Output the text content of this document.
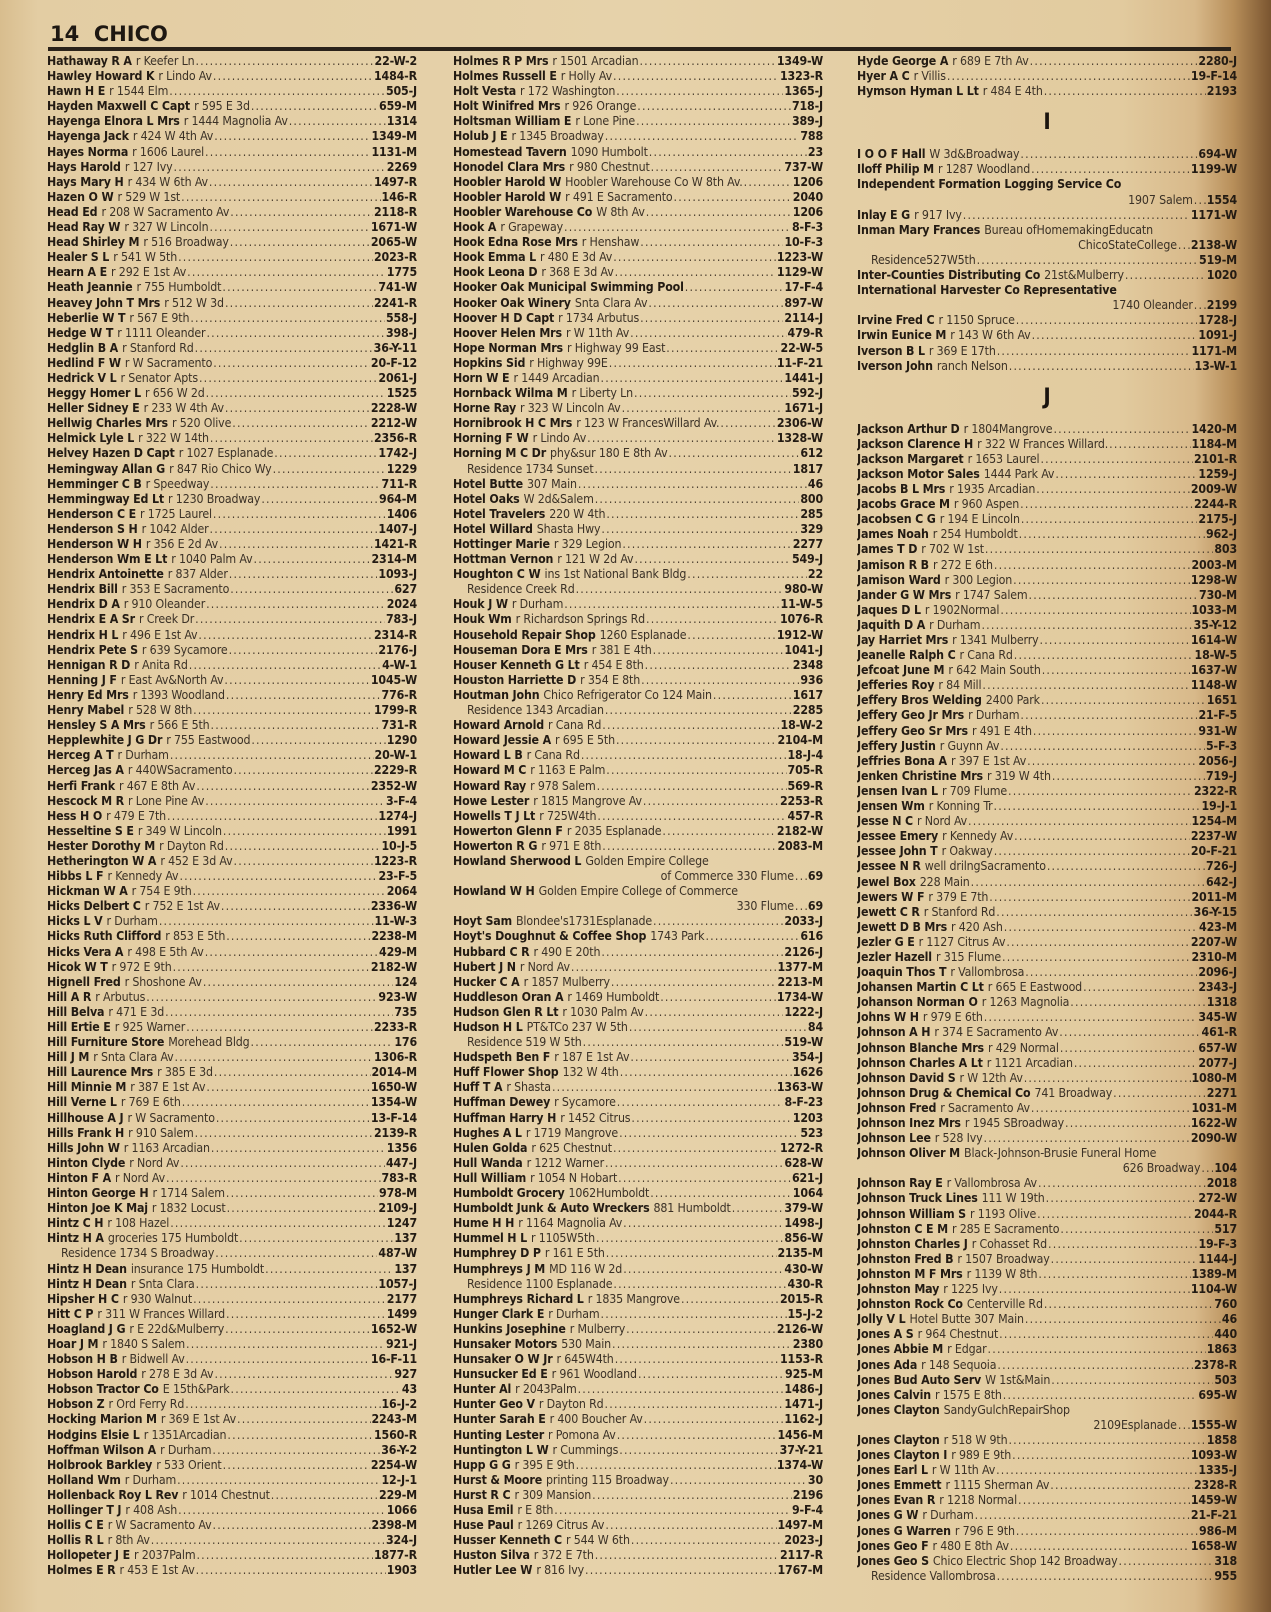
14 CHICO
Hathaway R A r Keefer Ln .....	22-W-2
Hawley Howard K r Lindo Av .....	1484-R
Hawn H E r 1544 Elm .....	505-J
Hayden Maxwell C Capt r 595 E 3d .....	659-M
Hayenga Elnora L Mrs r 1444 Magnolia Av .....	1314
Hayenga Jack r 424 W 4th Av .....	1349-M
Hayes Norma r 1606 Laurel .....	1131-M
Hays Harold r 127 Ivy .....	2269
Hays Mary H r 434 W 6th Av .....	1497-R
Hazen O W r 529 W 1st .....	146-R
Head Ed r 208 W Sacramento Av .....	2118-R
Head Ray W r 327 W Lincoln .....	1671-W
Head Shirley M r 516 Broadway .....	2065-W
Healer S L r 541 W 5th .....	2023-R
Hearn A E r 292 E 1st Av .....	1775
Heath Jeannie r 755 Humboldt .....	741-W
Heavey John T Mrs r 512 W 3d .....	2241-R
Heberlie W T r 567 E 9th .....	558-J
Hedge W T r 1111 Oleander .....	398-J
Hedglin B A r Stanford Rd .....	36-Y-11
Hedlind F W r W Sacramento .....	20-F-12
Hedrick V L r Senator Apts .....	2061-J
Heggy Homer L r 656 W 2d .....	1525
Heller Sidney E r 233 W 4th Av .....	2228-W
Hellwig Charles Mrs r 520 Olive .....	2212-W
Helmick Lyle L r 322 W 14th .....	2356-R
Helvey Hazen D Capt r 1027 Esplanade .....	1742-J
Hemingway Allan G r 847 Rio Chico Wy .....	1229
Hemminger C B r Speedway .....	711-R
Hemmingway Ed Lt r 1230 Broadway .....	964-M
Henderson C E r 1725 Laurel .....	1406
Henderson S H r 1042 Alder .....	1407-J
Henderson W H r 356 E 2d Av .....	1421-R
Henderson Wm E Lt r 1040 Palm Av .....	2314-M
Hendrix Antoinette r 837 Alder .....	1093-J
Hendrix Bill r 353 E Sacramento .....	627
Hendrix D A r 910 Oleander .....	2024
Hendrix E A Sr r Creek Dr .....	783-J
Hendrix H L r 496 E 1st Av .....	2314-R
Hendrix Pete S r 639 Sycamore .....	2176-J
Hennigan R D r Anita Rd .....	4-W-1
Henning J F r East Av&North Av .....	1045-W
Henry Ed Mrs r 1393 Woodland .....	776-R
Henry Mabel r 528 W 8th .....	1799-R
Hensley S A Mrs r 566 E 5th .....	731-R
Hepplewhite J G Dr r 755 Eastwood .....	1290
Herceg A T r Durham .....	20-W-1
Herceg Jas A r 440WSacramento .....	2229-R
Herfi Frank r 467 E 8th Av .....	2352-W
Hescock M R r Lone Pine Av .....	3-F-4
Hess H O r 479 E 7th .....	1274-J
Hesseltine S E r 349 W Lincoln .....	1991
Hester Dorothy M r Dayton Rd .....	10-J-5
Hetherington W A r 452 E 3d Av .....	1223-R
Hibbs L F r Kennedy Av .....	23-F-5
Hickman W A r 754 E 9th .....	2064
Hicks Delbert C r 752 E 1st Av .....	2336-W
Hicks L V r Durham .....	11-W-3
Hicks Ruth Clifford r 853 E 5th .....	2238-M
Hicks Vera A r 498 E 5th Av .....	429-M
Hicok W T r 972 E 9th .....	2182-W
Hignell Fred r Shoshone Av .....	124
Hill A R r Arbutus .....	923-W
Hill Belva r 471 E 3d .....	735
Hill Ertie E r 925 Warner .....	2233-R
Hill Furniture Store Morehead Bldg .....	176
Hill J M r Snta Clara Av .....	1306-R
Hill Laurence Mrs r 385 E 3d .....	2014-M
Hill Minnie M r 387 E 1st Av .....	1650-W
Hill Verne L r 769 E 6th .....	1354-W
Hillhouse A J r W Sacramento .....	13-F-14
Hills Frank H r 910 Salem .....	2139-R
Hills John W r 1163 Arcadian .....	1356
Hinton Clyde r Nord Av .....	447-J
Hinton F A r Nord Av .....	783-R
Hinton George H r 1714 Salem .....	978-M
Hinton Joe K Maj r 1832 Locust .....	2109-J
Hintz C H r 108 Hazel .....	1247
Hintz H A groceries 175 Humboldt .....	137
Residence 1734 S Broadway .....	487-W
Hintz H Dean insurance 175 Humboldt .....	137
Hintz H Dean r Snta Clara .....	1057-J
Hipsher H C r 930 Walnut .....	2177
Hitt C P r 311 W Frances Willard .....	1499
Hoagland J G r E 22d&Mulberry .....	1652-W
Hoar J M r 1840 S Salem .....	921-J
Hobson H B r Bidwell Av .....	16-F-11
Hobson Harold r 278 E 3d Av .....	927
Hobson Tractor Co E 15th&Park .....	43
Hobson Z r Ord Ferry Rd .....	16-J-2
Hocking Marion M r 369 E 1st Av .....	2243-M
Hodgins Elsie L r 1351Arcadian .....	1560-R
Hoffman Wilson A r Durham .....	36-Y-2
Holbrook Barkley r 533 Orient .....	2254-W
Holland Wm r Durham .....	12-J-1
Hollenback Roy L Rev r 1014 Chestnut .....	229-M
Hollinger T J r 408 Ash .....	1066
Hollis C E r W Sacramento Av .....	2398-M
Hollis R L r 8th Av .....	324-J
Hollopeter J E r 2037Palm .....	1877-R
Holmes E R r 453 E 1st Av .....	1903
Holmes R P Mrs r 1501 Arcadian .....	1349-W
Holmes Russell E r Holly Av .....	1323-R
Holt Vesta r 172 Washington .....	1365-J
Holt Winifred Mrs r 926 Orange .....	718-J
Holtsman William E r Lone Pine .....	389-J
Holub J E r 1345 Broadway .....	788
Homestead Tavern 1090 Humbolt .....	23
Honodel Clara Mrs r 980 Chestnut .....	737-W
Hoobler Harold W Hoobler Warehouse Co W 8th Av. .....	1206
Hoobler Harold W r 491 E Sacramento .....	2040
Hoobler Warehouse Co W 8th Av .....	1206
Hook A r Grapeway .....	8-F-3
Hook Edna Rose Mrs r Henshaw .....	10-F-3
Hook Emma L r 480 E 3d Av .....	1223-W
Hook Leona D r 368 E 3d Av .....	1129-W
Hooker Oak Municipal Swimming Pool .....	17-F-4
Hooker Oak Winery Snta Clara Av .....	897-W
Hoover H D Capt r 1734 Arbutus .....	2114-J
Hoover Helen Mrs r W 11th Av .....	479-R
Hope Norman Mrs r Highway 99 East .....	22-W-5
Hopkins Sid r Highway 99E .....	11-F-21
Horn W E r 1449 Arcadian .....	1441-J
Hornback Wilma M r Liberty Ln .....	592-J
Horne Ray r 323 W Lincoln Av .....	1671-J
Hornibrook H C Mrs r 123 W FrancesWillard Av. .....	2306-W
Horning F W r Lindo Av .....	1328-W
Horning M C Dr phy&sur 180 E 8th Av .....	612
Residence 1734 Sunset .....	1817
Hotel Butte 307 Main .....	46
Hotel Oaks W 2d&Salem .....	800
Hotel Travelers 220 W 4th .....	285
Hotel Willard Shasta Hwy .....	329
Hottinger Marie r 329 Legion .....	2277
Hottman Vernon r 121 W 2d Av .....	549-J
Houghton C W ins 1st National Bank Bldg .....	22
Residence Creek Rd .....	980-W
Houk J W r Durham .....	11-W-5
Houk Wm r Richardson Springs Rd .....	1076-R
Household Repair Shop 1260 Esplanade .....	1912-W
Houseman Dora E Mrs r 381 E 4th .....	1041-J
Houser Kenneth G Lt r 454 E 8th .....	2348
Houston Harriette D r 354 E 8th .....	936
Houtman John Chico Refrigerator Co 124 Main .....	1617
Residence 1343 Arcadian .....	2285
Howard Arnold r Cana Rd .....	18-W-2
Howard Jessie A r 695 E 5th .....	2104-M
Howard L B r Cana Rd .....	18-J-4
Howard M C r 1163 E Palm .....	705-R
Howard Ray r 978 Salem .....	569-R
Howe Lester r 1815 Mangrove Av .....	2253-R
Howells T J Lt r 725W4th .....	457-R
Howerton Glenn F r 2035 Esplanade .....	2182-W
Howerton R G r 971 E 8th .....	2083-M
Howland Sherwood L Golden Empire College
of Commerce 330 Flume ..... 69
Howland W H Golden Empire College of Commerce
330 Flume ..... 69
Hoyt Sam Blondee's1731Esplanade .....	2033-J
Hoyt's Doughnut & Coffee Shop 1743 Park .....	616
Hubbard C R r 490 E 20th .....	2126-J
Hubert J N r Nord Av .....	1377-M
Hucker C A r 1857 Mulberry .....	2213-M
Huddleson Oran A r 1469 Humboldt .....	1734-W
Hudson Glen R Lt r 1030 Palm Av .....	1222-J
Hudson H L PT&TCo 237 W 5th .....	84
Residence 519 W 5th .....	519-W
Hudspeth Ben F r 187 E 1st Av .....	354-J
Huff Flower Shop 132 W 4th .....	1626
Huff T A r Shasta .....	1363-W
Huffman Dewey r Sycamore .....	8-F-23
Huffman Harry H r 1452 Citrus .....	1203
Hughes A L r 1719 Mangrove .....	523
Hulen Golda r 625 Chestnut .....	1272-R
Hull Wanda r 1212 Warner .....	628-W
Hull William r 1054 N Hobart .....	621-J
Humboldt Grocery 1062Humboldt .....	1064
Humboldt Junk & Auto Wreckers 881 Humboldt .....	379-W
Hume H H r 1164 Magnolia Av .....	1498-J
Hummel H L r 1105W5th .....	856-W
Humphrey D P r 161 E 5th .....	2135-M
Humphreys J M MD 116 W 2d .....	430-W
Residence 1100 Esplanade .....	430-R
Humphreys Richard L r 1835 Mangrove .....	2015-R
Hunger Clark E r Durham .....	15-J-2
Hunkins Josephine r Mulberry .....	2126-W
Hunsaker Motors 530 Main .....	2380
Hunsaker O W Jr r 645W4th .....	1153-R
Hunsucker Ed E r 961 Woodland .....	925-M
Hunter Al r 2043Palm .....	1486-J
Hunter Geo V r Dayton Rd .....	1471-J
Hunter Sarah E r 400 Boucher Av .....	1162-J
Hunting Lester r Pomona Av .....	1456-M
Huntington L W r Cummings .....	37-Y-21
Hupp G G r 395 E 9th .....	1374-W
Hurst & Moore printing 115 Broadway .....	30
Hurst R C r 309 Mansion .....	2196
Husa Emil r E 8th .....	9-F-4
Huse Paul r 1269 Citrus Av .....	1497-M
Husser Kenneth C r 544 W 6th .....	2023-J
Huston Silva r 372 E 7th .....	2117-R
Hutler Lee W r 816 Ivy .....	1767-M
Hyde George A r 689 E 7th Av .....	2280-J
Hyer A C r Villis .....	19-F-14
Hymson Hyman L Lt r 484 E 4th .....	2193
I
I O O F Hall W 3d&Broadway .....	694-W
Iloff Philip M r 1287 Woodland .....	1199-W
Independent Formation Logging Service Co
1907 Salem ..... 1554
Inlay E G r 917 Ivy .....	1171-W
Inman Mary Frances Bureau ofHomemakingEducatn
ChicoStateCollege ..... 2138-W
Residence527W5th .....	519-M
Inter-Counties Distributing Co 21st&Mulberry .....	1020
International Harvester Co Representative
1740 Oleander ..... 2199
Irvine Fred C r 1150 Spruce .....	1728-J
Irwin Eunice M r 143 W 6th Av .....	1091-J
Iverson B L r 369 E 17th .....	1171-M
Iverson John ranch Nelson .....	13-W-1
J
Jackson Arthur D r 1804Mangrove .....	1420-M
Jackson Clarence H r 322 W Frances Willard. .....	1184-M
Jackson Margaret r 1653 Laurel .....	2101-R
Jackson Motor Sales 1444 Park Av .....	1259-J
Jacobs B L Mrs r 1935 Arcadian .....	2009-W
Jacobs Grace M r 960 Aspen .....	2244-R
Jacobsen C G r 194 E Lincoln .....	2175-J
James Noah r 254 Humboldt .....	962-J
James T D r 702 W 1st .....	803
Jamison R B r 272 E 6th .....	2003-M
Jamison Ward r 300 Legion .....	1298-W
Jander G W Mrs r 1747 Salem .....	730-M
Jaques D L r 1902Normal .....	1033-M
Jaquith D A r Durham .....	35-Y-12
Jay Harriet Mrs r 1341 Mulberry .....	1614-W
Jeanelle Ralph C r Cana Rd .....	18-W-5
Jefcoat June M r 642 Main South .....	1637-W
Jefferies Roy r 84 Mill .....	1148-W
Jeffery Bros Welding 2400 Park .....	1651
Jeffery Geo Jr Mrs r Durham .....	21-F-5
Jeffery Geo Sr Mrs r 491 E 4th .....	931-W
Jeffery Justin r Guynn Av .....	5-F-3
Jeffries Bona A r 397 E 1st Av .....	2056-J
Jenken Christine Mrs r 319 W 4th .....	719-J
Jensen Ivan L r 709 Flume .....	2322-R
Jensen Wm r Konning Tr .....	19-J-1
Jesse N C r Nord Av .....	1254-M
Jessee Emery r Kennedy Av .....	2237-W
Jessee John T r Oakway .....	20-F-21
Jessee N R well drilngSacramento .....	726-J
Jewel Box 228 Main .....	642-J
Jewers W F r 379 E 7th .....	2011-M
Jewett C R r Stanford Rd .....	36-Y-15
Jewett D B Mrs r 420 Ash .....	423-M
Jezler G E r 1127 Citrus Av .....	2207-W
Jezler Hazell r 315 Flume .....	2310-M
Joaquin Thos T r Vallombrosa .....	2096-J
Johansen Martin C Lt r 665 E Eastwood .....	2343-J
Johanson Norman O r 1263 Magnolia .....	1318
Johns W H r 979 E 6th .....	345-W
Johnson A H r 374 E Sacramento Av .....	461-R
Johnson Blanche Mrs r 429 Normal .....	657-W
Johnson Charles A Lt r 1121 Arcadian .....	2077-J
Johnson David S r W 12th Av .....	1080-M
Johnson Drug & Chemical Co 741 Broadway .....	2271
Johnson Fred r Sacramento Av .....	1031-M
Johnson Inez Mrs r 1945 SBroadway .....	1622-W
Johnson Lee r 528 Ivy .....	2090-W
Johnson Oliver M Black-Johnson-Brusie Funeral Home
626 Broadway ..... 104
Johnson Ray E r Vallombrosa Av .....	2018
Johnson Truck Lines 111 W 19th .....	272-W
Johnson William S r 1193 Olive .....	2044-R
Johnston C E M r 285 E Sacramento .....	517
Johnston Charles J r Cohasset Rd .....	19-F-3
Johnston Fred B r 1507 Broadway .....	1144-J
Johnston M F Mrs r 1139 W 8th .....	1389-M
Johnston May r 1225 Ivy .....	1104-W
Johnston Rock Co Centerville Rd .....	760
Jolly V L Hotel Butte 307 Main .....	46
Jones A S r 964 Chestnut .....	440
Jones Abbie M r Edgar .....	1863
Jones Ada r 148 Sequoia .....	2378-R
Jones Bud Auto Serv W 1st&Main .....	503
Jones Calvin r 1575 E 8th .....	695-W
Jones Clayton SandyGulchRepairShop
2109Esplanade ..... 1555-W
Jones Clayton r 518 W 9th .....	1858
Jones Clayton I r 989 E 9th .....	1093-W
Jones Earl L r W 11th Av .....	1335-J
Jones Emmett r 1115 Sherman Av .....	2328-R
Jones Evan R r 1218 Normal .....	1459-W
Jones G W r Durham .....	21-F-21
Jones G Warren r 796 E 9th .....	986-M
Jones Geo F r 480 E 8th Av .....	1658-W
Jones Geo S Chico Electric Shop 142 Broadway .....	318
Residence Vallombrosa .....	955
